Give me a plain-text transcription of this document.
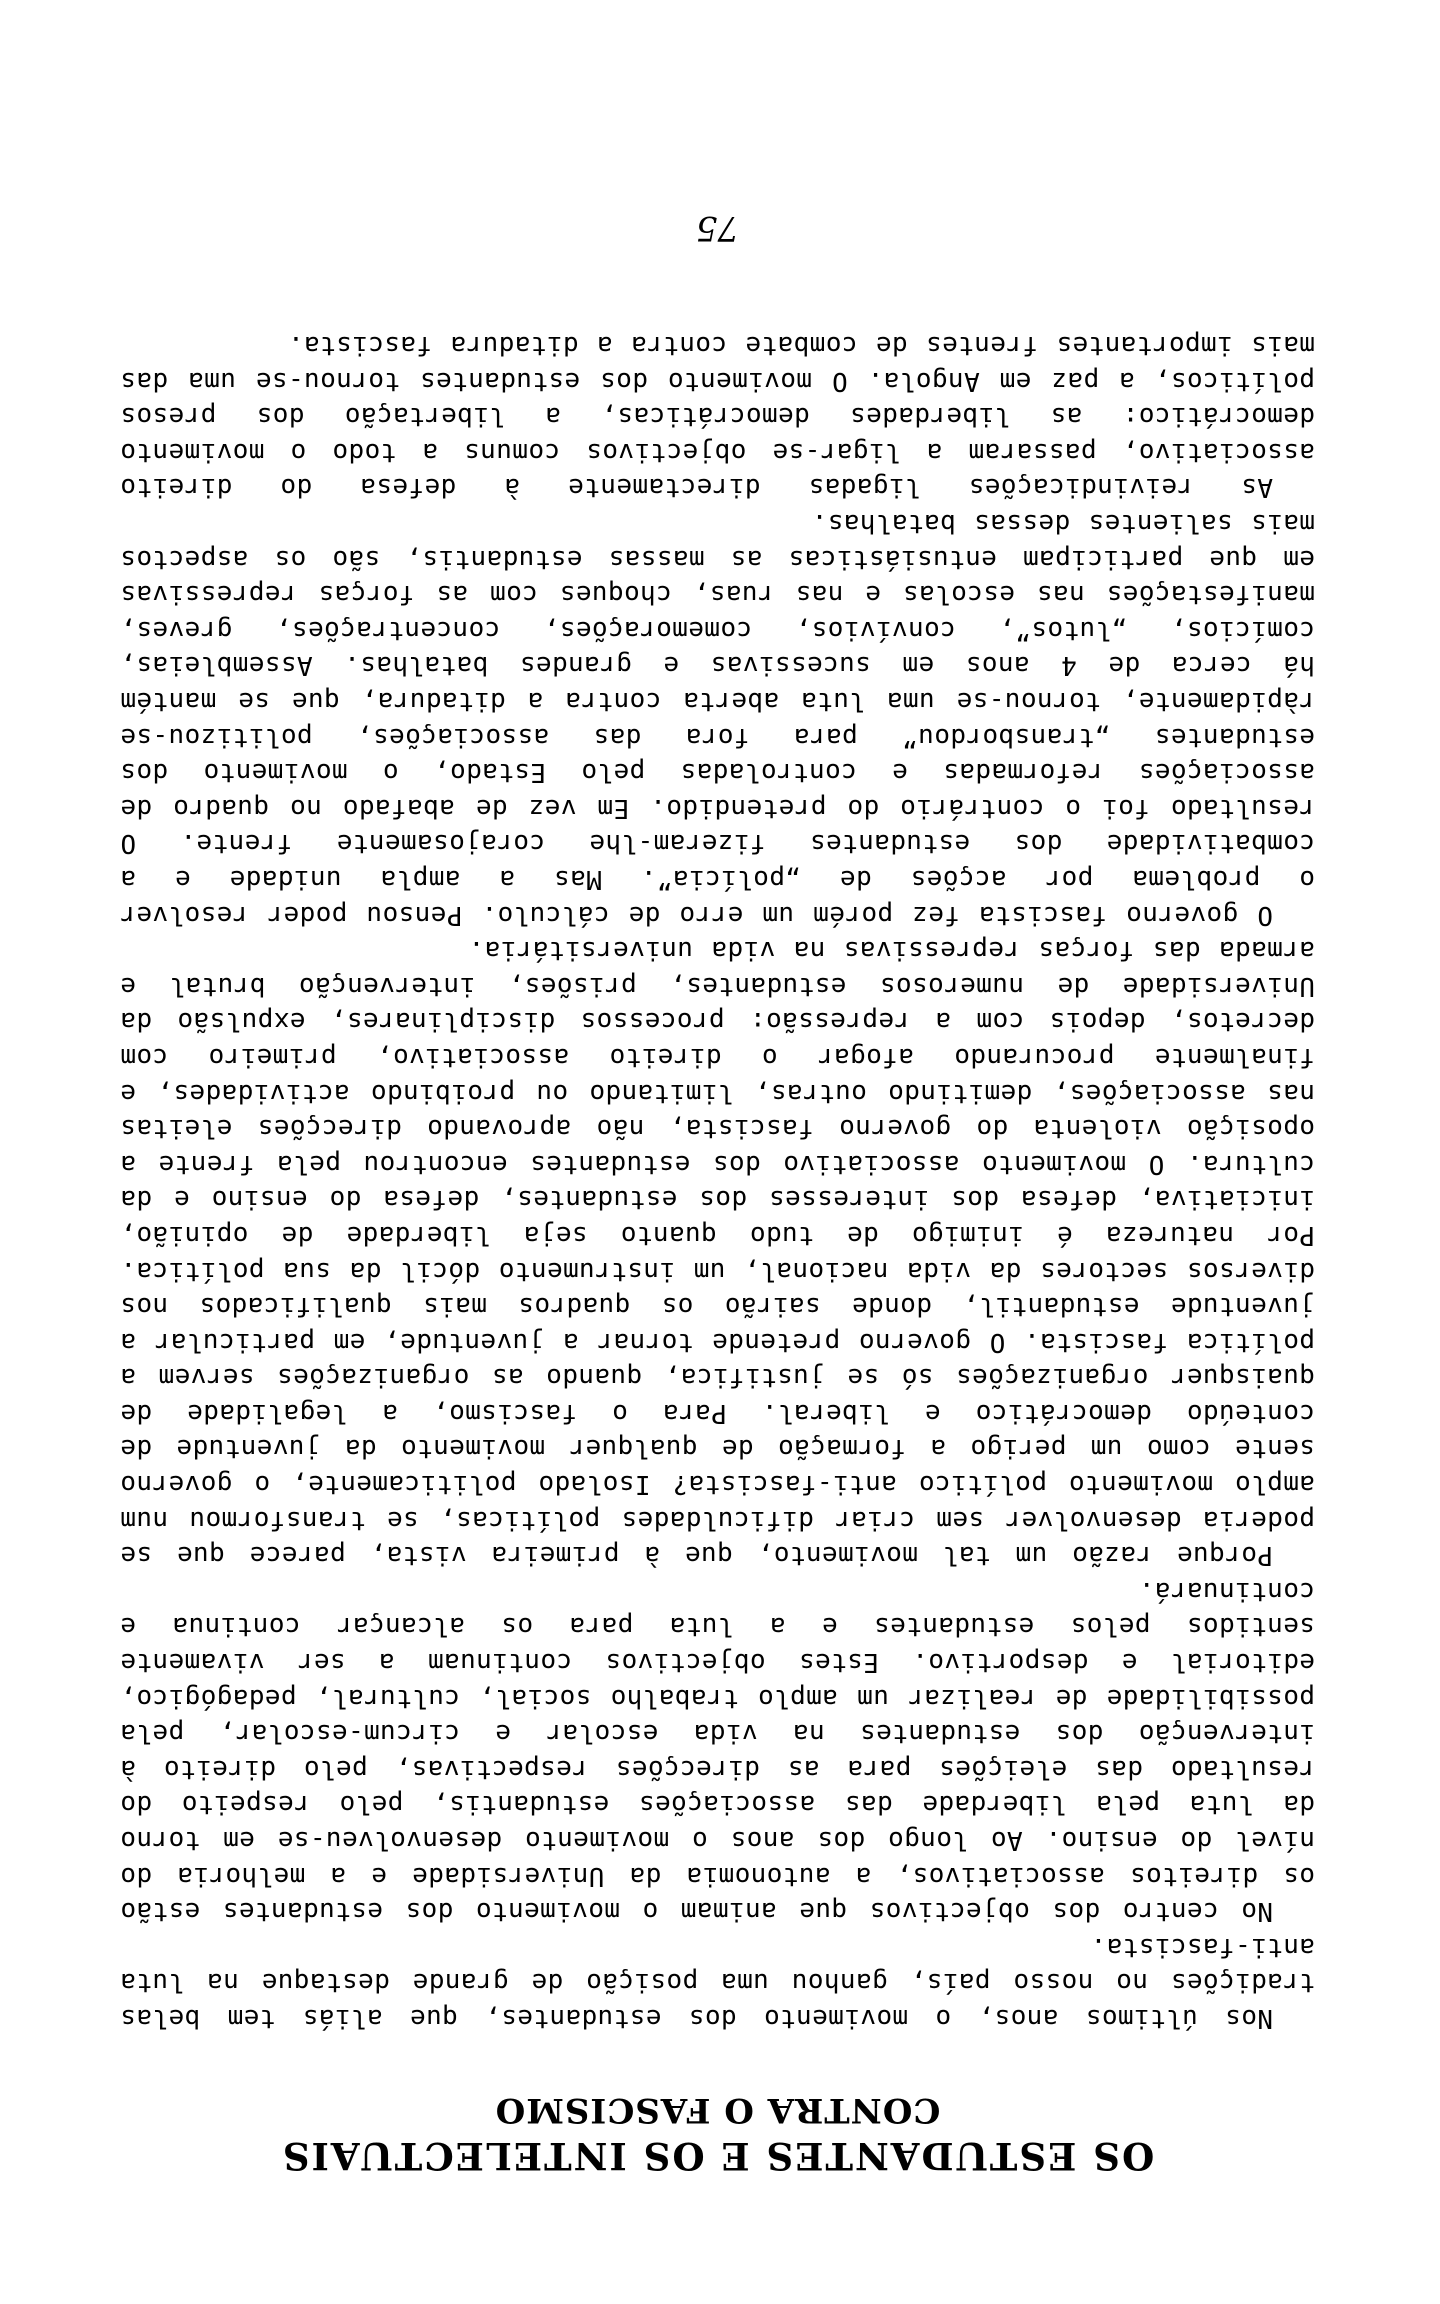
OS ESTUDANTES E OS INTELECTUAIS
CONTRA O FASCISMO

Nos últimos anos, o movimento dos estudantes, que aliás tem belas tradições no nosso país, ganhou uma posição de grande destaque na luta anti-fascista.

No centro dos objectivos que animam o movimento dos estudantes estão os direitos associativos, a autonomia da Universidade e a melhoria do nível do ensino. Ao longo dos anos o movimento desenvolveu-se em torno da luta pela liberdade das associações estudantis, pelo respeito do resultado das eleições para as direcções respectivas, pelo direito à intervenção dos estudantes na vida escolar e circum-escolar, pela possibilidade de realizar um amplo trabalho social, cultural, pedagógico, editorial e desportivo. Estes objectivos continuam a ser vivamente sentidos pelos estudantes e a luta para os alcançar continua e continuará.

Porque razão um tal movimento, que à primeira vista, parece que se poderia desenvolver sem criar dificuldades políticas, se transformou num amplo movimento político anti-fascista? Isolado politicamente, o governo sente como um perigo a formação de qualquer movimento da juventude de conteúdo democrático e liberal. Para o fascismo, a legalidade de quaisquer organizações só se justifica, quando as organizações servem a política fascista. O governo pretende tornar a juventude, em particular a juventude estudantil, donde sairão os quadros mais qualificados nos diversos sectores da vida nacional, um instrumento dócil da sua política. Por natureza é inimigo de tudo quanto seja liberdade de opinião, iniciativa, defesa dos interesses dos estudantes, defesa do ensino e da cultura. O movimento associativo dos estudantes encontrou pela frente a oposição violenta do governo fascista, não aprovando direcções eleitas nas associações, demitindo outras, limitando ou proibindo actividades, e finalmente procurando afogar o direito associativo, primeiro com decretos, depois com a repressão: processos disciplinares, expulsão da Universidade de numerosos estudantes, prisões, intervenção brutal e armada das forças repressivas na vida universitária.

O governo fascista fez porém um erro de cálculo. Pensou poder resolver o problema por acções de „polícia”. Mas a ampla unidade e a combatividade dos estudantes fizeram-lhe corajosamente frente. O resultado foi o contrário do pretendido. Em vez de abafado no quadro de associações reformadas e controladas pelo Estado, o movimento dos estudantes „transbordou” para fora das associações, politizou-se ràpidamente, tornou-se uma luta aberta contra a ditadura, que se mantém há cerca de 4 anos em sucessivas e grandes batalhas. Assembleias, comícios, „lutos”, convívios, comemorações, concentrações, greves, manifestações nas escolas e nas ruas, choques com as forças repressivas em que participam entusiásticas as massas estudantis, são os aspectos mais salientes dessas batalhas.

As reivindicações ligadas directamente à defesa do direito associativo, passaram a ligar-se objectivos comuns a todo o movimento democrático: as liberdades democráticas, a libertação dos presos políticos, a paz em Angola. O movimento dos estudantes tornou-se uma das mais importantes frentes de combate contra a ditadura fascista.

75
